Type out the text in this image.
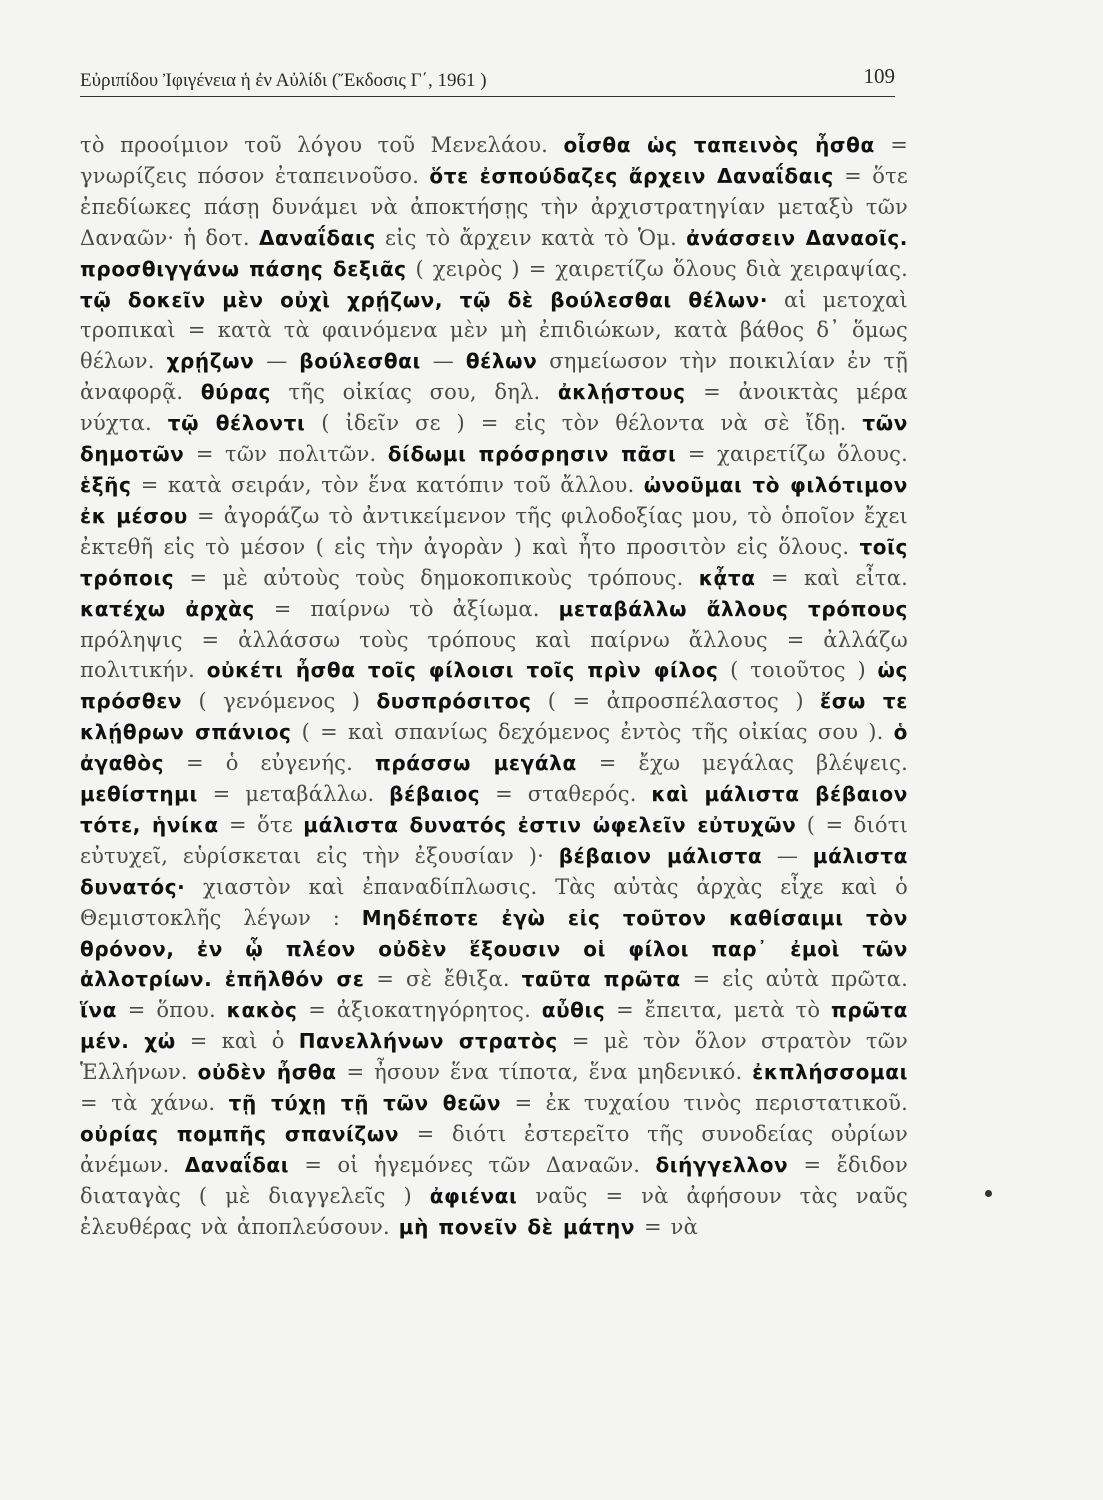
Εὐριπίδου Ἰφιγένεια ἡ ἐν Αὐλίδι (Ἔκδοσις Γ΄, 1961 )	109
τὸ προοίμιον τοῦ λόγου τοῦ Μενελάου. οἶσθα ὡς ταπεινὸς ἦσθα = γνωρίζεις πόσον ἐταπεινοῦσο. ὅτε ἐσπούδαζες ἄρχειν Δαναΐδαις = ὅτε ἐπεδίωκες πάσῃ δυνάμει νὰ ἀποκτήσῃς τὴν ἀρχιστρατηγίαν μεταξὺ τῶν Δαναῶν· ἡ δοτ. Δαναΐδαις εἰς τὸ ἄρχειν κατὰ τὸ Ὁμ. ἀνάσσειν Δαναοῖς. προσθιγγάνω πάσης δεξιᾶς ( χειρὸς ) = χαιρετίζω ὅλους διὰ χειραψίας. τῷ δοκεῖν μὲν οὐχὶ χρῄζων, τῷ δὲ βούλεσθαι θέλων· αἱ μετοχαὶ τροπικαὶ = κατὰ τὰ φαινόμενα μὲν μὴ ἐπιδιώκων, κατὰ βάθος δ᾽ ὅμως θέλων. χρῄζων — βούλεσθαι — θέλων σημείωσον τὴν ποικιλίαν ἐν τῇ ἀναφορᾷ. θύρας τῆς οἰκίας σου, δηλ. ἀκλῄστους = ἀνοικτὰς μέρα νύχτα. τῷ θέλοντι ( ἰδεῖν σε ) = εἰς τὸν θέλοντα νὰ σὲ ἴδῃ. τῶν δημοτῶν = τῶν πολιτῶν. δίδωμι πρόσρησιν πᾶσι = χαιρετίζω ὅλους. ἑξῆς = κατὰ σειράν, τὸν ἕνα κατόπιν τοῦ ἄλλου. ὠνοῦμαι τὸ φιλότιμον ἐκ μέσου = ἀγοράζω τὸ ἀντικείμενον τῆς φιλοδοξίας μου, τὸ ὁποῖον ἔχει ἐκτεθῆ εἰς τὸ μέσον ( εἰς τὴν ἀγορὰν ) καὶ ἦτο προσιτὸν εἰς ὅλους. τοῖς τρόποις = μὲ αὐτοὺς τοὺς δημοκοπικοὺς τρόπους. κᾆτα = καὶ εἶτα. κατέχω ἀρχὰς = παίρνω τὸ ἀξίωμα. μεταβάλλω ἄλλους τρόπους πρόληψις = ἀλλάσσω τοὺς τρόπους καὶ παίρνω ἄλλους = ἀλλάζω πολιτικήν. οὐκέτι ἦσθα τοῖς φίλοισι τοῖς πρὶν φίλος ( τοιοῦτος ) ὡς πρόσθεν ( γενόμενος ) δυσπρόσιτος ( = ἀπροσπέλαστος ) ἔσω τε κλῄθρων σπάνιος ( = καὶ σπανίως δεχόμενος ἐντὸς τῆς οἰκίας σου ). ὁ ἀγαθὸς = ὁ εὐγενής. πράσσω μεγάλα = ἔχω μεγάλας βλέψεις. μεθίστημι = μεταβάλλω. βέβαιος = σταθερός. καὶ μάλιστα βέβαιον τότε, ἡνίκα = ὅτε μάλιστα δυνατός ἐστιν ὠφελεῖν εὐτυχῶν ( = διότι εὐτυχεῖ, εὑρίσκεται εἰς τὴν ἐξουσίαν )· βέβαιον μάλιστα — μάλιστα δυνατός· χιαστὸν καὶ ἐπαναδίπλωσις. Τὰς αὐτὰς ἀρχὰς εἶχε καὶ ὁ Θεμιστοκλῆς λέγων : Μηδέποτε ἐγὼ εἰς τοῦτον καθίσαιμι τὸν θρόνον, ἐν ᾧ πλέον οὐδὲν ἕξουσιν οἱ φίλοι παρ᾽ ἐμοὶ τῶν ἀλλοτρίων. ἐπῆλθόν σε = σὲ ἔθιξα. ταῦτα πρῶτα = εἰς αὐτὰ πρῶτα. ἵνα = ὅπου. κακὸς = ἀξιοκατηγόρητος. αὖθις = ἔπειτα, μετὰ τὸ πρῶτα μέν. χὠ = καὶ ὁ Πανελλήνων στρατὸς = μὲ τὸν ὅλον στρατὸν τῶν Ἑλλήνων. οὐδὲν ἦσθα = ἦσουν ἕνα τίποτα, ἕνα μηδενικό. ἐκπλήσσομαι = τὰ χάνω. τῇ τύχῃ τῇ τῶν θεῶν = ἐκ τυχαίου τινὸς περιστατικοῦ. οὐρίας πομπῆς σπανίζων = διότι ἐστερεῖτο τῆς συνοδείας οὐρίων ἀνέμων. Δαναΐδαι = οἱ ἡγεμόνες τῶν Δαναῶν. διήγγελλον = ἔδιδον διαταγὰς ( μὲ διαγγελεῖς ) ἀφιέναι ναῦς = νὰ ἀφήσουν τὰς ναῦς ἐλευθέρας νὰ ἀποπλεύσουν. μὴ πονεῖν δὲ μάτην = νὰ
